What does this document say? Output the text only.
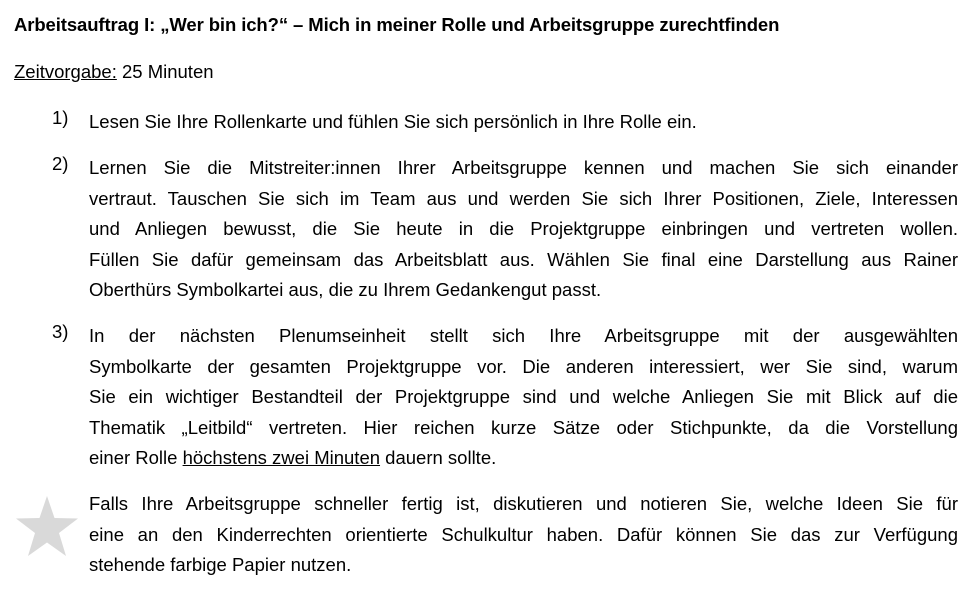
Arbeitsauftrag I: „Wer bin ich?“ – Mich in meiner Rolle und Arbeitsgruppe zurechtfinden
Zeitvorgabe: 25 Minuten
1)	Lesen Sie Ihre Rollenkarte und fühlen Sie sich persönlich in Ihre Rolle ein.
2)	Lernen Sie die Mitstreiter:innen Ihrer Arbeitsgruppe kennen und machen Sie sich einander
vertraut. Tauschen Sie sich im Team aus und werden Sie sich Ihrer Positionen, Ziele, Interessen
und Anliegen bewusst, die Sie heute in die Projektgruppe einbringen und vertreten wollen.
Füllen Sie dafür gemeinsam das Arbeitsblatt aus. Wählen Sie final eine Darstellung aus Rainer
Oberthürs Symbolkartei aus, die zu Ihrem Gedankengut passt.
3)	In der nächsten Plenumseinheit stellt sich Ihre Arbeitsgruppe mit der ausgewählten
Symbolkarte der gesamten Projektgruppe vor. Die anderen interessiert, wer Sie sind, warum
Sie ein wichtiger Bestandteil der Projektgruppe sind und welche Anliegen Sie mit Blick auf die
Thematik „Leitbild“ vertreten. Hier reichen kurze Sätze oder Stichpunkte, da die Vorstellung
einer Rolle höchstens zwei Minuten dauern sollte.
Falls Ihre Arbeitsgruppe schneller fertig ist, diskutieren und notieren Sie, welche Ideen Sie für
eine an den Kinderrechten orientierte Schulkultur haben. Dafür können Sie das zur Verfügung
stehende farbige Papier nutzen.
